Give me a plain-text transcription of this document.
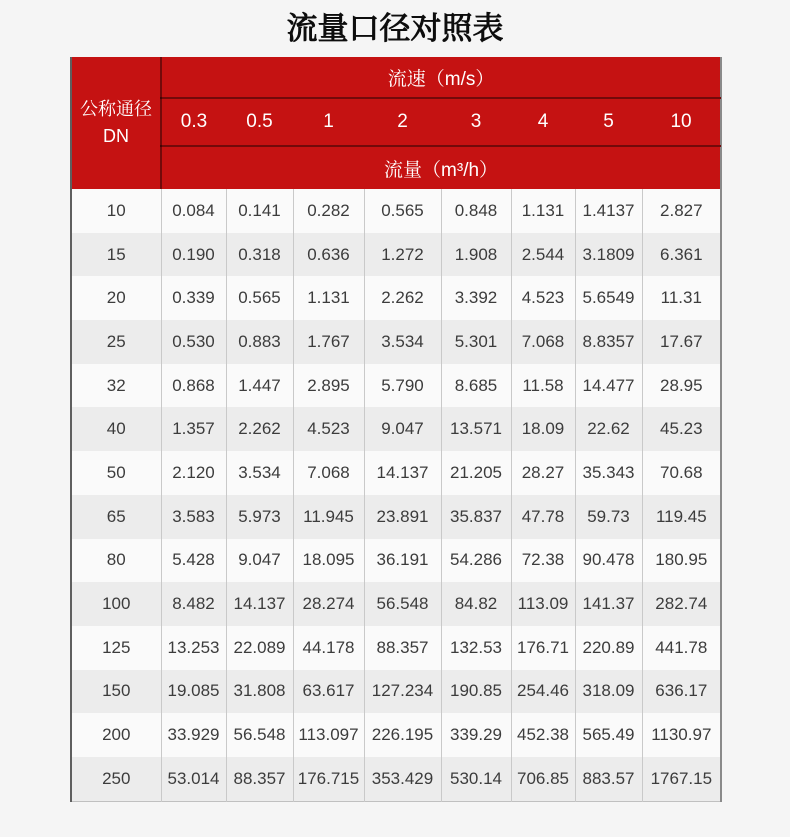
流量口径对照表
公称通径
DN	流速（m/s）							
	0.3	0.5	1	2	3	4	5	10
	流量（m³/h）							
10	0.084	0.141	0.282	0.565	0.848	1.131	1.4137	2.827
15	0.190	0.318	0.636	1.272	1.908	2.544	3.1809	6.361
20	0.339	0.565	1.131	2.262	3.392	4.523	5.6549	11.31
25	0.530	0.883	1.767	3.534	5.301	7.068	8.8357	17.67
32	0.868	1.447	2.895	5.790	8.685	11.58	14.477	28.95
40	1.357	2.262	4.523	9.047	13.571	18.09	22.62	45.23
50	2.120	3.534	7.068	14.137	21.205	28.27	35.343	70.68
65	3.583	5.973	11.945	23.891	35.837	47.78	59.73	119.45
80	5.428	9.047	18.095	36.191	54.286	72.38	90.478	180.95
100	8.482	14.137	28.274	56.548	84.82	113.09	141.37	282.74
125	13.253	22.089	44.178	88.357	132.53	176.71	220.89	441.78
150	19.085	31.808	63.617	127.234	190.85	254.46	318.09	636.17
200	33.929	56.548	113.097	226.195	339.29	452.38	565.49	1130.97
250	53.014	88.357	176.715	353.429	530.14	706.85	883.57	1767.15
